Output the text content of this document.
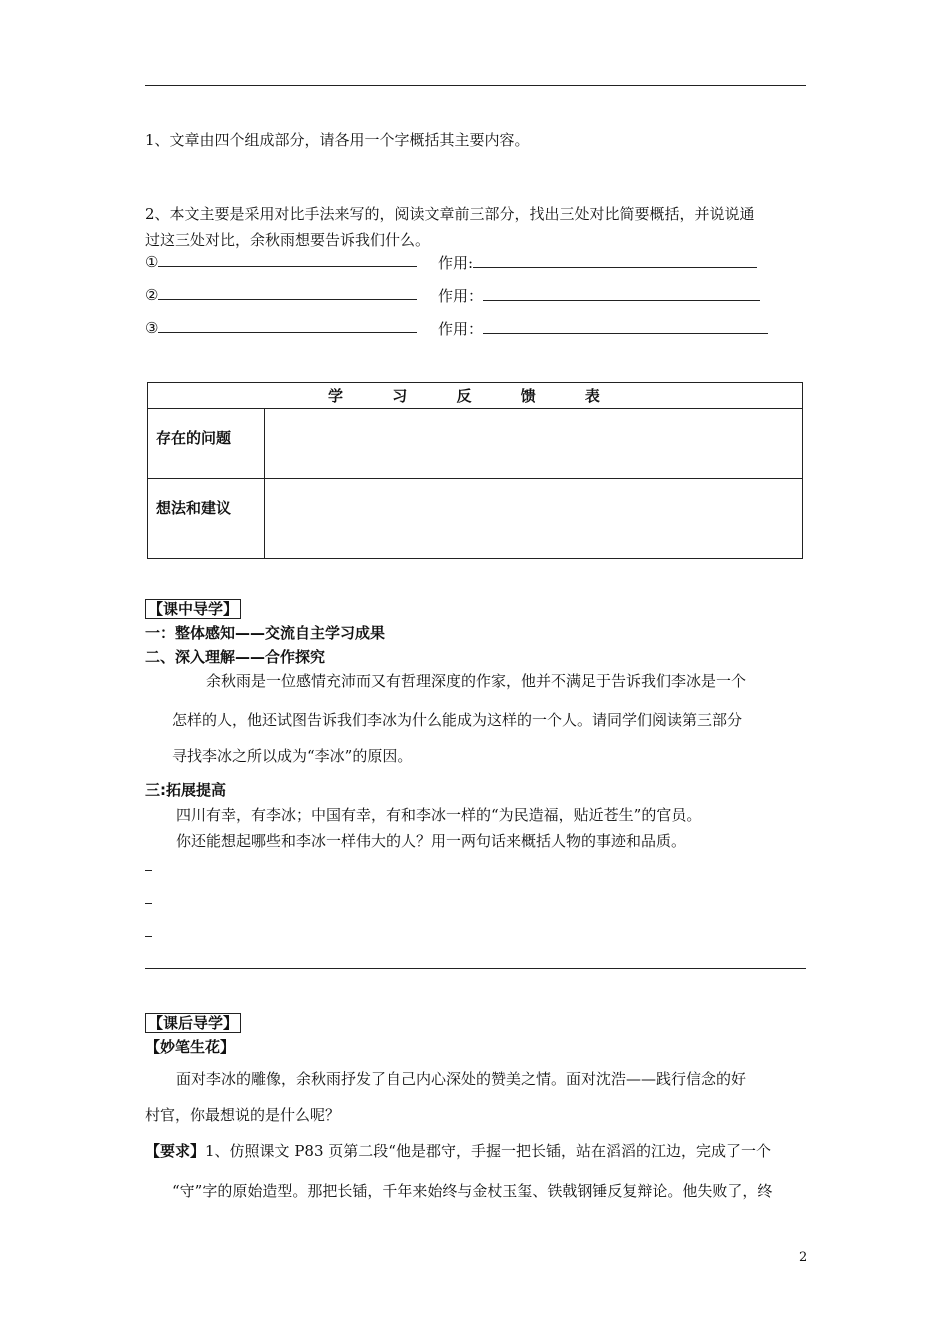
1、文章由四个组成部分，请各用一个字概括其主要内容。
2、本文主要是采用对比手法来写的，阅读文章前三部分，找出三处对比简要概括，并说说通
过这三处对比，余秋雨想要告诉我们什么。
①	作用:
②	作用：
③	作用：
学 习 反 馈 表	
存在的问题	
想法和建议	
【课中导学】
一：整体感知——交流自主学习成果
二、深入理解——合作探究
余秋雨是一位感情充沛而又有哲理深度的作家，他并不满足于告诉我们李冰是一个
怎样的人，他还试图告诉我们李冰为什么能成为这样的一个人。请同学们阅读第三部分
寻找李冰之所以成为“李冰”的原因。
三:拓展提高
四川有幸，有李冰；中国有幸，有和李冰一样的“为民造福，贴近苍生”的官员。
你还能想起哪些和李冰一样伟大的人？用一两句话来概括人物的事迹和品质。
【课后导学】
【妙笔生花】
面对李冰的雕像，余秋雨抒发了自己内心深处的赞美之情。面对沈浩——践行信念的好
村官，你最想说的是什么呢？
【要求】1、仿照课文 P83 页第二段“他是郡守，手握一把长锸，站在滔滔的江边，完成了一个
“守”字的原始造型。那把长锸，千年来始终与金杖玉玺、铁戟钢锤反复辩论。他失败了，终
2
